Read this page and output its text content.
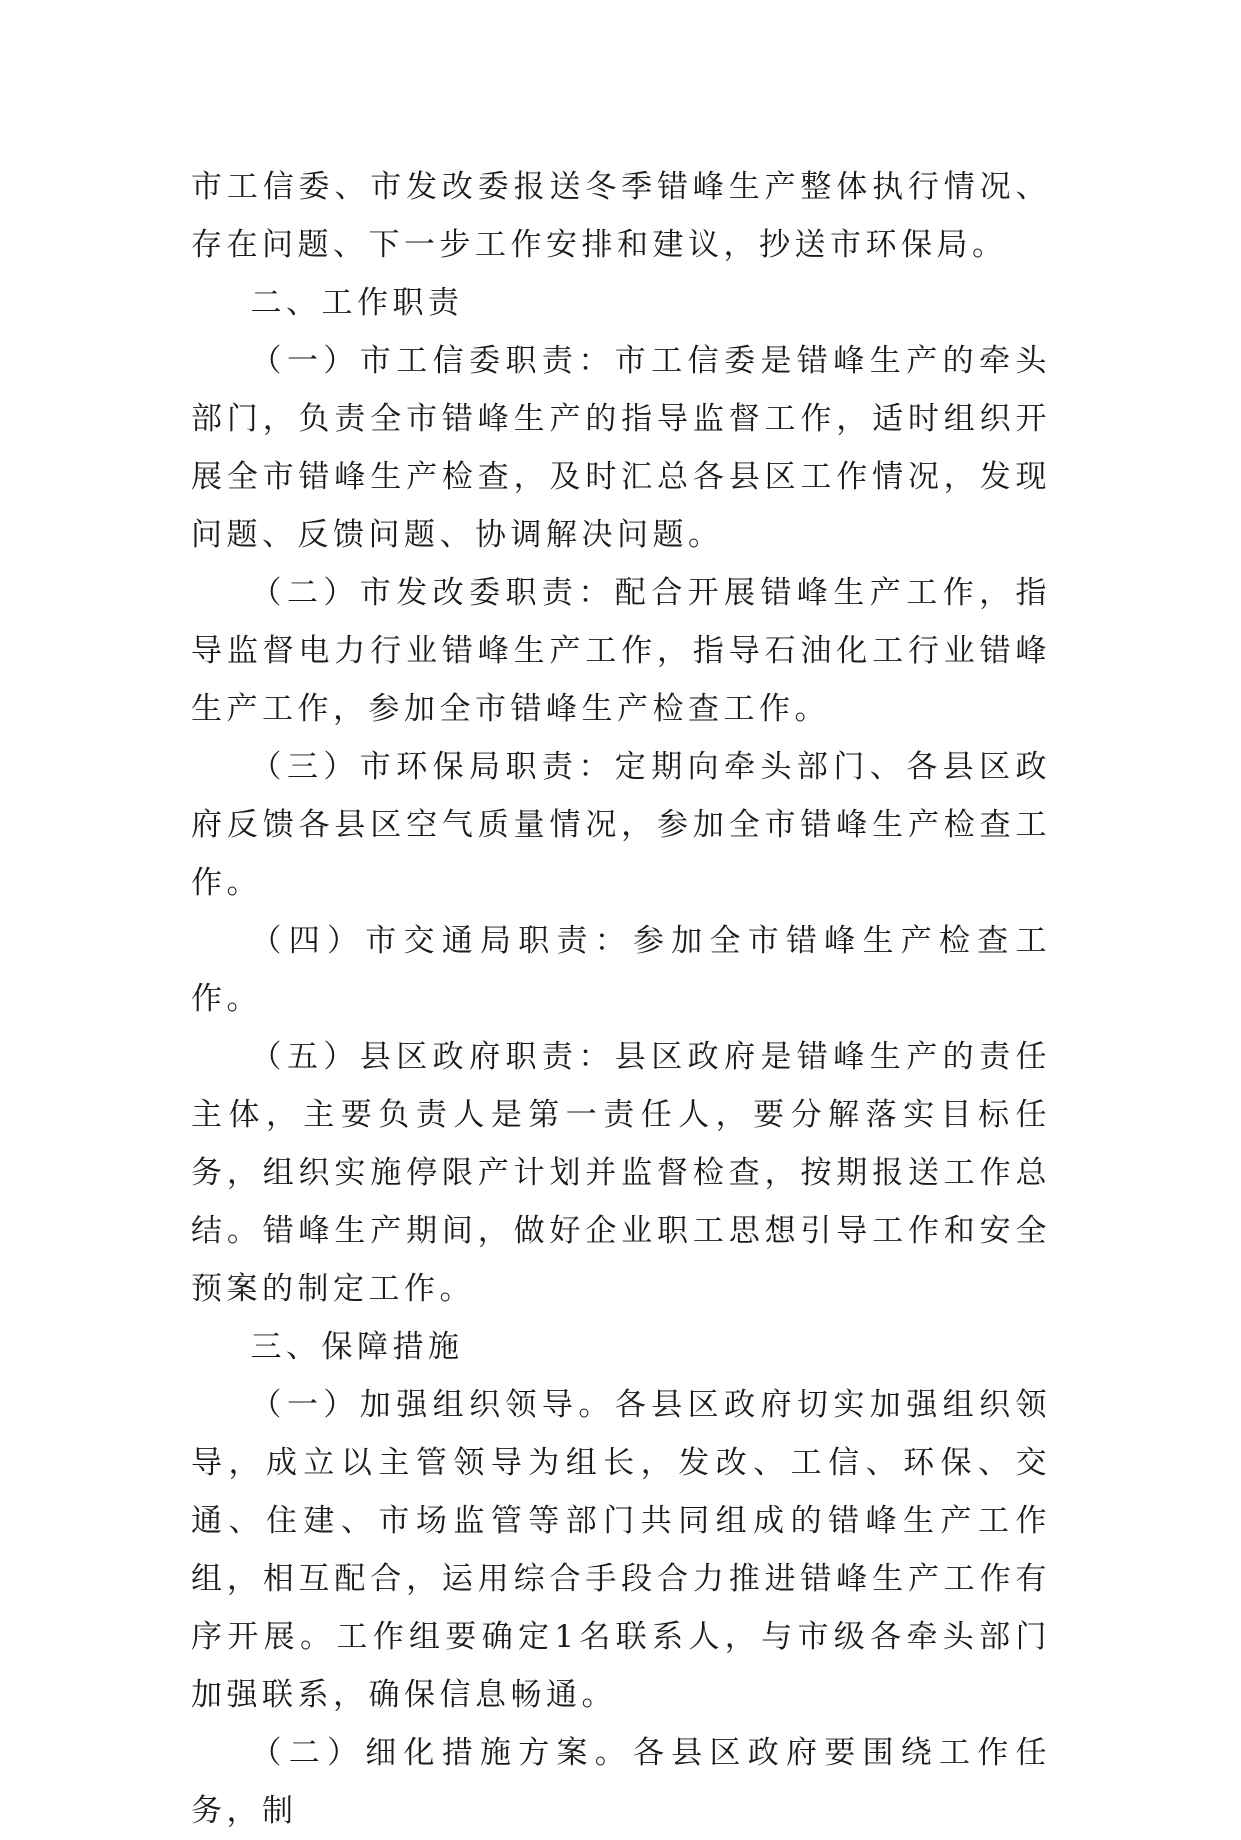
市工信委、市发改委报送冬季错峰生产整体执行情况、存在问题、下一步工作安排和建议，抄送市环保局。

二、工作职责

（一）市工信委职责：市工信委是错峰生产的牵头部门，负责全市错峰生产的指导监督工作，适时组织开展全市错峰生产检查，及时汇总各县区工作情况，发现问题、反馈问题、协调解决问题。

（二）市发改委职责：配合开展错峰生产工作，指导监督电力行业错峰生产工作，指导石油化工行业错峰生产工作，参加全市错峰生产检查工作。

（三）市环保局职责：定期向牵头部门、各县区政府反馈各县区空气质量情况，参加全市错峰生产检查工作。

（四）市交通局职责：参加全市错峰生产检查工作。

（五）县区政府职责：县区政府是错峰生产的责任主体，主要负责人是第一责任人，要分解落实目标任务，组织实施停限产计划并监督检查，按期报送工作总结。错峰生产期间，做好企业职工思想引导工作和安全预案的制定工作。

三、保障措施

（一）加强组织领导。各县区政府切实加强组织领导，成立以主管领导为组长，发改、工信、环保、交通、住建、市场监管等部门共同组成的错峰生产工作组，相互配合，运用综合手段合力推进错峰生产工作有序开展。工作组要确定1名联系人，与市级各牵头部门加强联系，确保信息畅通。

（二）细化措施方案。各县区政府要围绕工作任务，制
